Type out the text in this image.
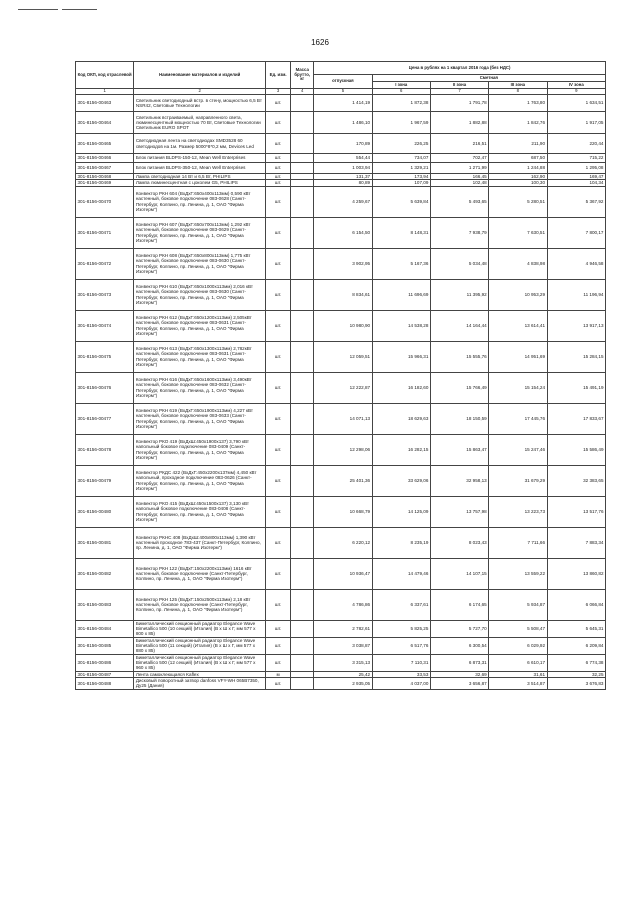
1626
Код ОКП, код отраслевой	Наименование материалов и изделий	Ед. изм.	Масса брутто, кг	Цена в рублях на 1 квартал 2016 года (без НДС)				
				отпускная	Сметная			
					I зона	II зона	III зона	IV зона
1	2	3	4	5	6	7	8	9
301-8156-00463	Светильник светодиодный встр. в стену, мощностью 6,5 Вт NSR42, Световые Технологии	шт.		1 414,19	1 872,38	1 791,78	1 763,80	1 634,51
301-8156-00464	Светильник встраиваемый, направленного света, люминесцентный мощностью 70 Вт, Световые Технологии Светильник EURO SPOT	шт.		1 486,10	1 967,59	1 882,88	1 842,76	1 917,05
301-8156-00465	Светодиодная лента на светодиодах SMD3528 60 светодиодов на 1м. Размер 5000*8*0,2 мм, Devices Led	шт.		170,89	226,25	216,51	211,90	220,44
301-8156-00466	Блок питания BLDPS-150-12, Mean Well Enterprises	шт.		554,44	734,07	702,47	687,50	715,22
301-8156-00467	Блок питания BLDPS-350-12, Mean Well Enterprises	шт.		1 003,94	1 329,21	1 271,99	1 244,88	1 295,08
301-8156-00468	Лампа светодиодная 14 Вт и 6,5 Вт, PHILIPS	шт.		131,37	173,94	166,45	162,90	169,47
301-8156-00469	Лампа люминесцентная с цоколем G5, PHILIPS	шт.		80,89	107,09	102,48	100,30	104,34
301-8156-00470	Конвектор РКН 604 (ВхДхГ:650х400х113мм) 0,590 кВт настенный, боковое подключение 083-0628 (Санкт-Петербург, Колпино, пр. Ленина, д. 1, ОАО "Фирма Изотерм")	шт.		4 259,67	5 639,84	5 493,65	5 280,51	5 367,92
301-8156-00471	Конвектор РКН 607 (ВхДхГ:650х700х113мм) 1,292 кВт настенный, боковое подключение 083-0629 (Санкт-Петербург, Колпино, пр. Ленина, д. 1, ОАО "Фирма Изотерм")	шт.		6 154,50	8 148,31	7 938,79	7 630,51	7 800,17
301-8156-00472	Конвектор РКН 608 (ВхДхГ:650х800х113мм) 1,775 кВт настенный, боковое подключение 083-0630 (Санкт-Петербург, Колпино, пр. Ленина, д. 1, ОАО "Фирма Изотерм")	шт.		3 902,95	5 167,36	5 034,48	4 838,98	4 946,58
301-8156-00473	Конвектор РКН 610 (ВхДхГ:650х1000х113мм) 2,016 кВт настенный, боковое подключение 083-0630 (Санкт-Петербург, Колпино, пр. Ленина, д. 1, ОАО "Фирма Изотерм")	шт.		8 834,61	11 696,69	11 395,92	10 953,29	11 196,94
301-8156-00474	Конвектор РКН 612 (ВхДхГ:650х1200х113мм) 2,505кВт настенный, боковое подключение 083-0631 (Санкт-Петербург, Колпино, пр. Ленина, д. 1, ОАО "Фирма Изотерм")	шт.		10 980,90	14 538,28	14 164,44	13 614,41	13 917,13
301-8156-00475	Конвектор РКН 613 (ВхДхГ:650х1300х113мм) 2,782кВт настенный, боковое подключение 083-0631 (Санкт-Петербург, Колпино, пр. Ленина, д. 1, ОАО "Фирма Изотерм")	шт.		12 059,51	15 966,31	15 555,76	14 951,69	15 284,15
301-8156-00476	Конвектор РКН 616 (ВхДхГ:650х1600х113мм) 3,490кВт настенный, боковое подключение 083-0632 (Санкт-Петербург, Колпино, пр. Ленина, д. 1, ОАО "Фирма Изотерм")	шт.		12 222,87	16 182,60	15 766,49	15 154,24	15 491,19
301-8156-00477	Конвектор РКН 619 (ВхДхГ:650х1900х113мм) 4,227 кВт настенный, боковое подключение 083-0633 (Санкт-Петербург, Колпино, пр. Ленина, д. 1, ОАО "Фирма Изотерм")	шт.		14 071,13	18 629,63	18 150,59	17 445,76	17 833,67
301-8156-00478	Конвектор РКО 419 (ВхДхШ:450х1900х137) 3,790 кВт напольный боковое подключение 083-0409 (Санкт-Петербург, Колпино, пр. Ленина, д. 1, ОАО "Фирма Изотерм")	шт.		12 298,06	16 282,15	15 863,47	15 247,46	15 586,49
301-8156-00479	Конвектор РКДС 422 (ВхДхГ:450х2200х137мм) 4,450 кВт напольный, проходное подключение 083-0626 (Санкт-Петербург, Колпино, пр. Ленина, д. 1, ОАО "Фирма Изотерм")	шт.		25 401,36	33 629,06	32 958,13	31 679,29	32 383,65
301-8156-00480	Конвектор РКО 415 (ВхДхШ:450х1500х137) 3,130 кВт напольный боковое подключение 083-0408 (Санкт-Петербург, Колпино, пр. Ленина, д. 1, ОАО "Фирма Изотерм")	шт.		10 668,79	14 125,09	13 757,98	13 223,73	13 517,76
301-8156-00481	Конвектор РКНС 408 (ВхДхШ:400х800х113мм) 1,390 кВт настенный проходное 783-437 (Санкт-Петербург, Колпино, пр. Ленина, д. 1, ОАО "Фирма Изотерм")	шт.		6 220,12	8 235,19	8 023,43	7 711,66	7 883,34
301-8156-00482	Конвектор РКН 122 (ВхДхГ:150х2200х113мм) 1616 кВт настенный, боковое подключение (Санкт-Петербург, Колпино, пр. Ленина, д. 1, ОАО "Фирма Изотерм")	шт.		10 936,47	14 479,46	14 107,15	13 559,22	13 860,82
301-8156-00483	Конвектор РКН 125 (ВхДхГ:150х2500х113мм) 2,18 кВт настенный, боковое подключение (Санкт-Петербург, Колпино, пр. Ленина, д. 1, ОАО "Фирма Изотерм")	шт.		4 786,86	6 337,61	6 174,65	5 934,87	6 066,84
301-8156-00484	Биметаллический секционный радиатор Elegance Wave Bimetallico 500 (10 секций) (Италия) (В х Ш х Г, мм 577 х 800 х 85)	шт.		2 782,61	5 825,25	5 727,70	5 508,47	5 645,31
301-8156-00485	Биметаллический секционный радиатор Elegance Wave Bimetallico 500 (11 секций) (Италия) (В х Ш х Г, мм 577 х 880 х 85)	шт.		3 038,87	6 517,76	6 300,54	6 029,92	6 209,84
301-8156-00486	Биметаллический секционный радиатор Elegance Wave Bimetallico 500 (12 секций) (Италия) (В х Ш х Г, мм 577 х 960 х 85)	шт.		3 315,13	7 110,31	6 873,31	6 610,17	6 774,38
301-8156-00487	Лента самоклеющаяся Kaflex	м		25,42	33,53	32,69	31,61	32,25
301-8156-00488	Дисковый поворотный затвор danfoss VFY-WH 065B7350, Ду25 (Дания)	шт.		2 935,05	4 037,00	3 656,87	3 514,87	3 676,83
